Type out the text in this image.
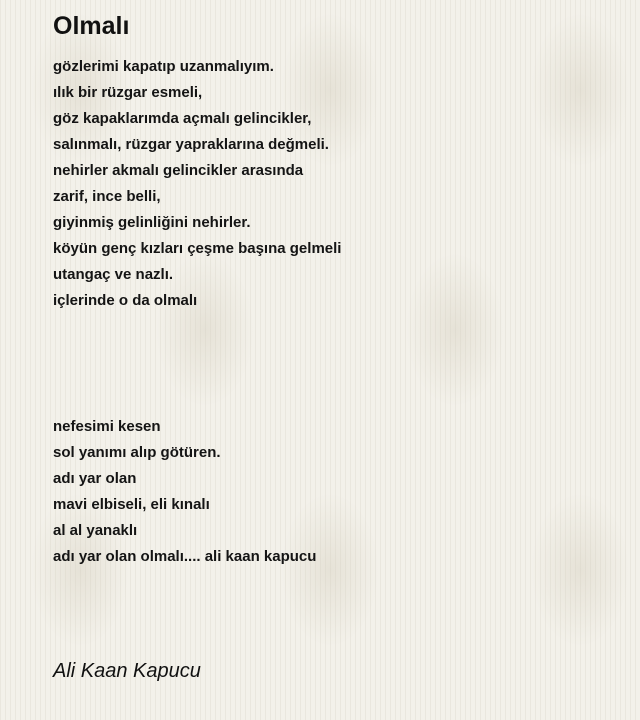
Olmalı

gözlerimi kapatıp uzanmalıyım.
ılık bir rüzgar esmeli,
göz kapaklarımda açmalı gelincikler,
salınmalı, rüzgar yapraklarına değmeli.
nehirler akmalı gelincikler arasında
zarif, ince belli,
giyinmiş gelinliğini nehirler.
köyün genç kızları çeşme başına gelmeli
utangaç ve nazlı.
içlerinde o da olmalı

nefesimi kesen
sol yanımı alıp götüren.
adı yar olan
mavi elbiseli, eli kınalı
al al yanaklı
adı yar olan olmalı.... ali kaan kapucu

Ali Kaan Kapucu
